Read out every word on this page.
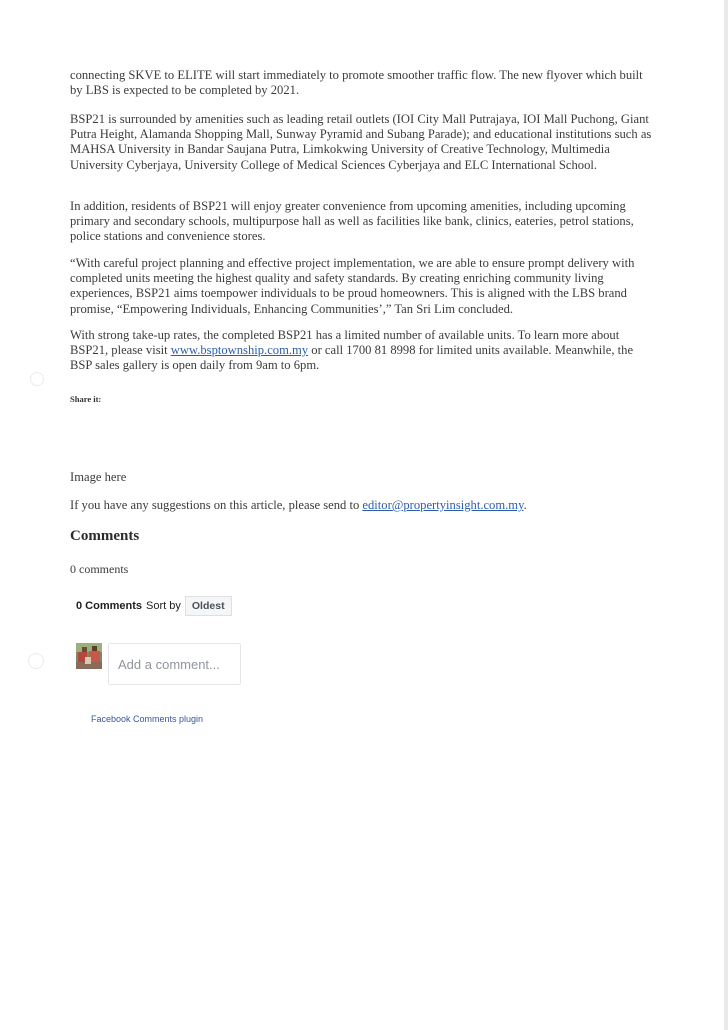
connecting SKVE to ELITE will start immediately to promote smoother traffic flow. The new flyover which built by LBS is expected to be completed by 2021.

BSP21 is surrounded by amenities such as leading retail outlets (IOI City Mall Putrajaya, IOI Mall Puchong, Giant Putra Height, Alamanda Shopping Mall, Sunway Pyramid and Subang Parade); and educational institutions such as MAHSA University in Bandar Saujana Putra, Limkokwing University of Creative Technology, Multimedia University Cyberjaya, University College of Medical Sciences Cyberjaya and ELC International School.

In addition, residents of BSP21 will enjoy greater convenience from upcoming amenities, including upcoming primary and secondary schools, multipurpose hall as well as facilities like bank, clinics, eateries, petrol stations, police stations and convenience stores.

“With careful project planning and effective project implementation, we are able to ensure prompt delivery with completed units meeting the highest quality and safety standards. By creating enriching community living experiences, BSP21 aims toempower individuals to be proud homeowners. This is aligned with the LBS brand promise, “Empowering Individuals, Enhancing Communities’,” Tan Sri Lim concluded.

With strong take-up rates, the completed BSP21 has a limited number of available units. To learn more about BSP21, please visit www.bsptownship.com.my or call 1700 81 8998 for limited units available. Meanwhile, the BSP sales gallery is open daily from 9am to 6pm.

Share it:
Image here
If you have any suggestions on this article, please send to editor@propertyinsight.com.my.
Comments
0 comments
0 Comments Sort by	Oldest
Add a comment...
Facebook Comments plugin
